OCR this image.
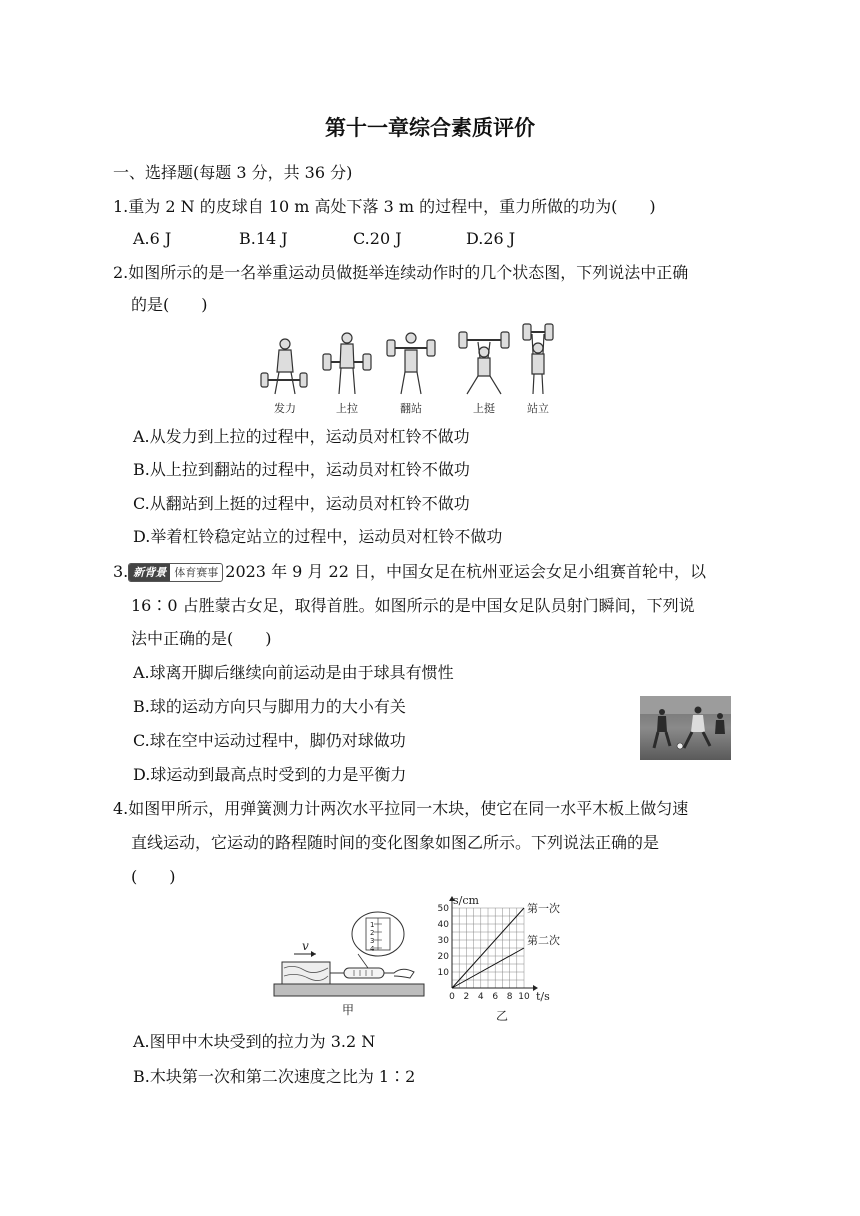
第十一章综合素质评价
一、选择题(每题 3 分，共 36 分)
1.重为 2 N 的皮球自 10 m 高处下落 3 m 的过程中，重力所做的功为(　　)
A.6 J	B.14 J	C.20 J	D.26 J
2.如图所示的是一名举重运动员做挺举连续动作时的几个状态图，下列说法中正确
的是(　　)
发力	上拉	翻站	上挺	站立
A.从发力到上拉的过程中，运动员对杠铃不做功
B.从上拉到翻站的过程中，运动员对杠铃不做功
C.从翻站到上挺的过程中，运动员对杠铃不做功
D.举着杠铃稳定站立的过程中，运动员对杠铃不做功
3. 新背景 体育赛事 2023 年 9 月 22 日，中国女足在杭州亚运会女足小组赛首轮中，以
16∶0 占胜蒙古女足，取得首胜。如图所示的是中国女足队员射门瞬间，下列说
法中正确的是(　　)
A.球离开脚后继续向前运动是由于球具有惯性
B.球的运动方向只与脚用力的大小有关
C.球在空中运动过程中，脚仍对球做功
D.球运动到最高点时受到的力是平衡力
4.如图甲所示，用弹簧测力计两次水平拉同一木块，使它在同一水平木板上做匀速
直线运动，它运动的路程随时间的变化图象如图乙所示。下列说法正确的是
(　　)
v
1
2
3
4
甲
第一次
第二次
0 2 4 6 8 10
10
20
30
40
50
s/cm
t/s
乙
A.图甲中木块受到的拉力为 3.2 N
B.木块第一次和第二次速度之比为 1∶2
